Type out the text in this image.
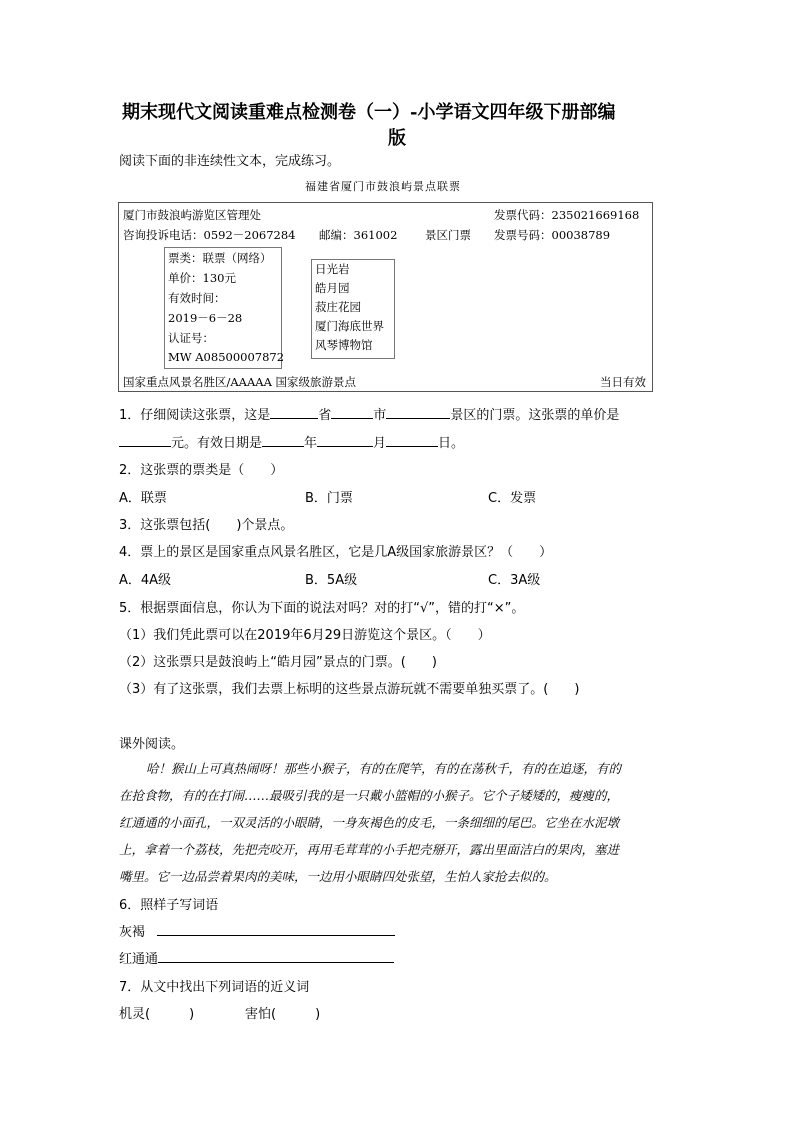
期末现代文阅读重难点检测卷（一）-小学语文四年级下册部编
版
阅读下面的非连续性文本，完成练习。
福建省厦门市鼓浪屿景点联票
厦门市鼓浪屿游览区管理处	发票代码：235021669168
咨询投诉电话：0592－2067284 邮编：361002 景区门票 发票号码：00038789
票类：联票（网络）
单价：130元
有效时间：
2019－6－28
认证号：
MW A08500007872
日光岩
皓月园
菽庄花园
厦门海底世界
风琴博物馆
国家重点风景名胜区/AAAAA 国家级旅游景点	当日有效
1．仔细阅读这张票，这是	省	市	景区的门票。这张票的单价是
元。有效日期是	年	月	日。
2．这张票的票类是（　　）
A．联票	B．门票	C．发票
3．这张票包括(　　)个景点。
4．票上的景区是国家重点风景名胜区，它是几A级国家旅游景区？（　　）
A．4A级	B．5A级	C．3A级
5．根据票面信息，你认为下面的说法对吗？对的打“√”，错的打“×”。
（1）我们凭此票可以在2019年6月29日游览这个景区。（　　）
（2）这张票只是鼓浪屿上“皓月园”景点的门票。(　　)
（3）有了这张票，我们去票上标明的这些景点游玩就不需要单独买票了。(　　)
课外阅读。
哈！猴山上可真热闹呀！那些小猴子，有的在爬竿，有的在荡秋千，有的在追逐，有的
在抢食物，有的在打闹……最吸引我的是一只戴小篮帽的小猴子。它个子矮矮的，瘦瘦的，
红通通的小面孔，一双灵活的小眼睛，一身灰褐色的皮毛，一条细细的尾巴。它坐在水泥墩
上，拿着一个荔枝，先把壳咬开，再用毛茸茸的小手把壳掰开，露出里面洁白的果肉，塞进
嘴里。它一边品尝着果肉的美味，一边用小眼睛四处张望，生怕人家抢去似的。
6．照样子写词语
灰褐
红通通
7．从文中找出下列词语的近义词
机灵(　　　)	害怕(　　　)
